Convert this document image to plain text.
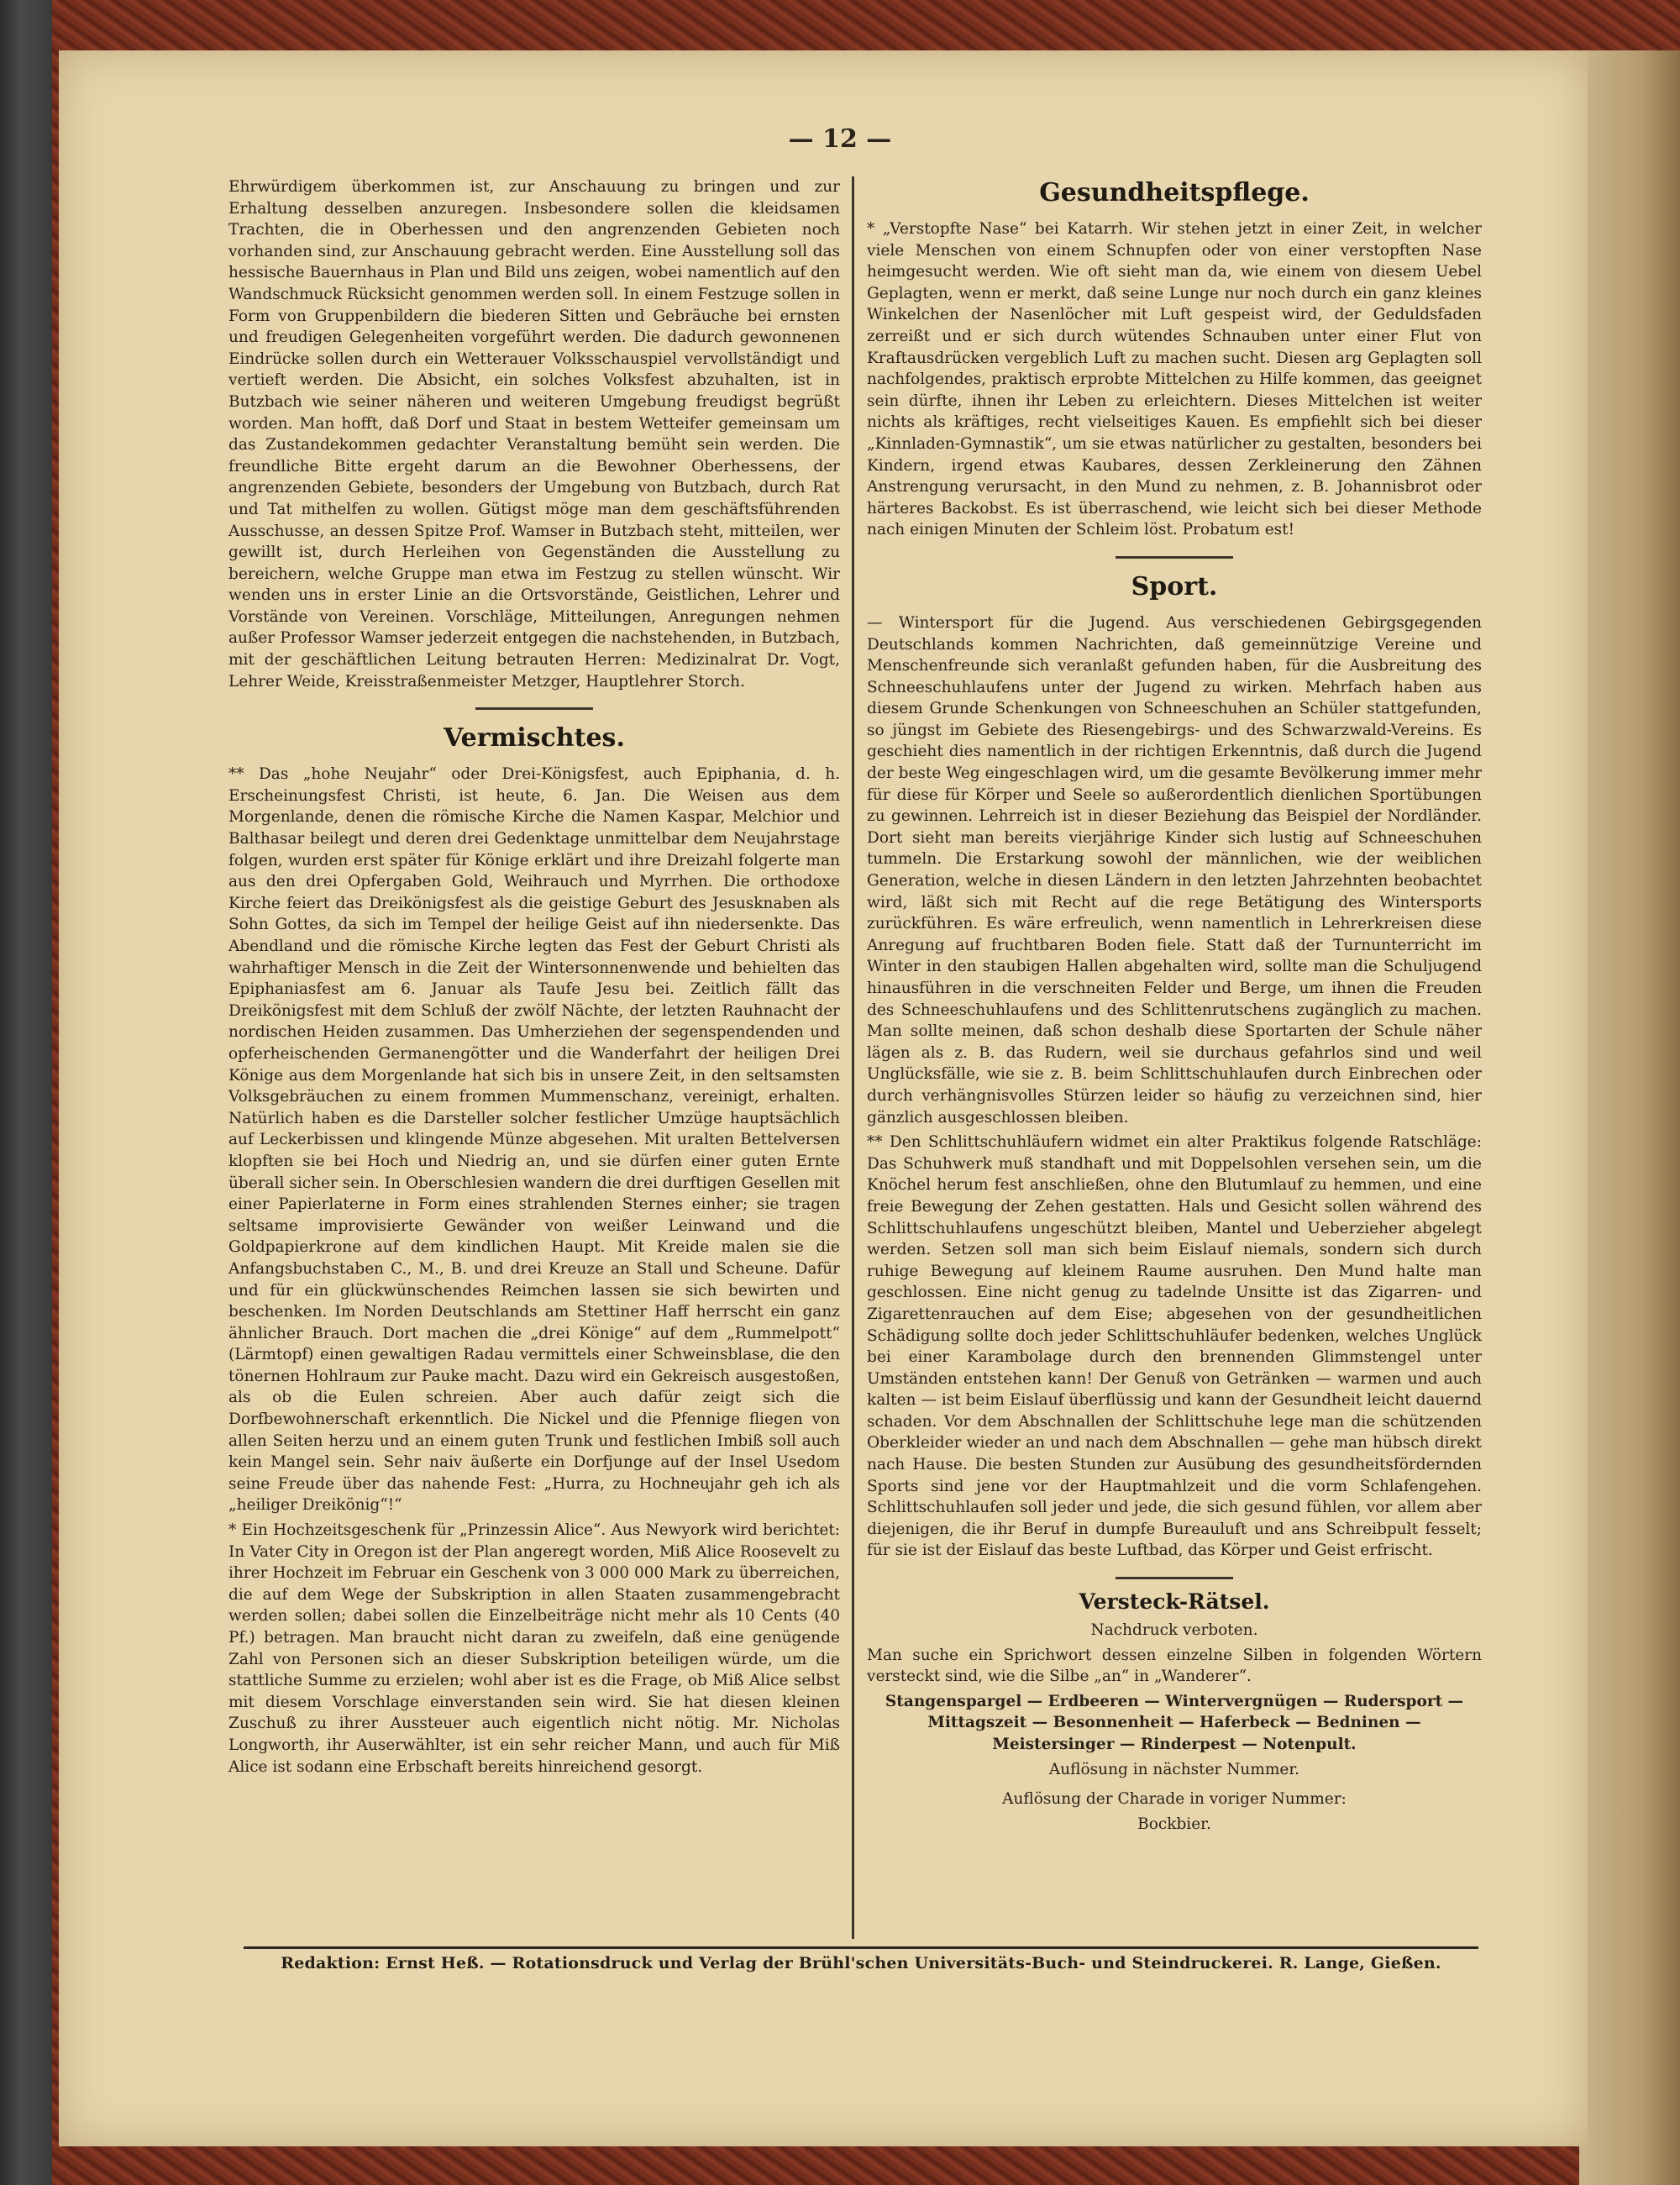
— 12 —

Ehrwürdigem überkommen ist, zur Anschauung zu bringen und zur Erhaltung desselben anzuregen. Insbesondere sollen die kleidsamen Trachten, die in Oberhessen und den angrenzenden Gebieten noch vorhanden sind, zur Anschauung gebracht werden. Eine Ausstellung soll das hessische Bauernhaus in Plan und Bild uns zeigen, wobei namentlich auf den Wandschmuck Rücksicht genommen werden soll. In einem Festzuge sollen in Form von Gruppenbildern die biederen Sitten und Gebräuche bei ernsten und freudigen Gelegenheiten vorgeführt werden. Die dadurch gewonnenen Eindrücke sollen durch ein Wetterauer Volksschauspiel vervollständigt und vertieft werden. Die Absicht, ein solches Volksfest abzuhalten, ist in Butzbach wie seiner näheren und weiteren Umgebung freudigst begrüßt worden. Man hofft, daß Dorf und Staat in bestem Wetteifer gemeinsam um das Zustandekommen gedachter Veranstaltung bemüht sein werden. Die freundliche Bitte ergeht darum an die Bewohner Oberhessens, der angrenzenden Gebiete, besonders der Umgebung von Butzbach, durch Rat und Tat mithelfen zu wollen. Gütigst möge man dem geschäftsführenden Ausschusse, an dessen Spitze Prof. Wamser in Butzbach steht, mitteilen, wer gewillt ist, durch Herleihen von Gegenständen die Ausstellung zu bereichern, welche Gruppe man etwa im Festzug zu stellen wünscht. Wir wenden uns in erster Linie an die Ortsvorstände, Geistlichen, Lehrer und Vorstände von Vereinen. Vorschläge, Mitteilungen, Anregungen nehmen außer Professor Wamser jederzeit entgegen die nachstehenden, in Butzbach, mit der geschäftlichen Leitung betrauten Herren: Medizinalrat Dr. Vogt, Lehrer Weide, Kreisstraßenmeister Metzger, Hauptlehrer Storch.

Vermischtes.

** Das „hohe Neujahr“ oder Drei-Königsfest, auch Epiphania, d. h. Erscheinungsfest Christi, ist heute, 6. Jan. Die Weisen aus dem Morgenlande, denen die römische Kirche die Namen Kaspar, Melchior und Balthasar beilegt und deren drei Gedenktage unmittelbar dem Neujahrstage folgen, wurden erst später für Könige erklärt und ihre Dreizahl folgerte man aus den drei Opfergaben Gold, Weihrauch und Myrrhen. Die orthodoxe Kirche feiert das Dreikönigsfest als die geistige Geburt des Jesusknaben als Sohn Gottes, da sich im Tempel der heilige Geist auf ihn niedersenkte. Das Abendland und die römische Kirche legten das Fest der Geburt Christi als wahrhaftiger Mensch in die Zeit der Wintersonnenwende und behielten das Epiphaniasfest am 6. Januar als Taufe Jesu bei. Zeitlich fällt das Dreikönigsfest mit dem Schluß der zwölf Nächte, der letzten Rauhnacht der nordischen Heiden zusammen. Das Umherziehen der segenspendenden und opferheischenden Germanengötter und die Wanderfahrt der heiligen Drei Könige aus dem Morgenlande hat sich bis in unsere Zeit, in den seltsamsten Volksgebräuchen zu einem frommen Mummenschanz, vereinigt, erhalten. Natürlich haben es die Darsteller solcher festlicher Umzüge hauptsächlich auf Leckerbissen und klingende Münze abgesehen. Mit uralten Bettelversen klopften sie bei Hoch und Niedrig an, und sie dürfen einer guten Ernte überall sicher sein. In Oberschlesien wandern die drei durftigen Gesellen mit einer Papierlaterne in Form eines strahlenden Sternes einher; sie tragen seltsame improvisierte Gewänder von weißer Leinwand und die Goldpapierkrone auf dem kindlichen Haupt. Mit Kreide malen sie die Anfangsbuchstaben C., M., B. und drei Kreuze an Stall und Scheune. Dafür und für ein glückwünschendes Reimchen lassen sie sich bewirten und beschenken. Im Norden Deutschlands am Stettiner Haff herrscht ein ganz ähnlicher Brauch. Dort machen die „drei Könige“ auf dem „Rummelpott“ (Lärmtopf) einen gewaltigen Radau vermittels einer Schweinsblase, die den tönernen Hohlraum zur Pauke macht. Dazu wird ein Gekreisch ausgestoßen, als ob die Eulen schreien. Aber auch dafür zeigt sich die Dorfbewohnerschaft erkenntlich. Die Nickel und die Pfennige fliegen von allen Seiten herzu und an einem guten Trunk und festlichen Imbiß soll auch kein Mangel sein. Sehr naiv äußerte ein Dorfjunge auf der Insel Usedom seine Freude über das nahende Fest: „Hurra, zu Hochneujahr geh ich als „heiliger Dreikönig“!“

* Ein Hochzeitsgeschenk für „Prinzessin Alice“. Aus Newyork wird berichtet: In Vater City in Oregon ist der Plan angeregt worden, Miß Alice Roosevelt zu ihrer Hochzeit im Februar ein Geschenk von 3 000 000 Mark zu überreichen, die auf dem Wege der Subskription in allen Staaten zusammengebracht werden sollen; dabei sollen die Einzelbeiträge nicht mehr als 10 Cents (40 Pf.) betragen. Man braucht nicht daran zu zweifeln, daß eine genügende Zahl von Personen sich an dieser Subskription beteiligen würde, um die stattliche Summe zu erzielen; wohl aber ist es die Frage, ob Miß Alice selbst mit diesem Vorschlage einverstanden sein wird. Sie hat diesen kleinen Zuschuß zu ihrer Aussteuer auch eigentlich nicht nötig. Mr. Nicholas Longworth, ihr Auserwählter, ist ein sehr reicher Mann, und auch für Miß Alice ist sodann eine Erbschaft bereits hinreichend gesorgt.

Gesundheitspflege.

* „Verstopfte Nase“ bei Katarrh. Wir stehen jetzt in einer Zeit, in welcher viele Menschen von einem Schnupfen oder von einer verstopften Nase heimgesucht werden. Wie oft sieht man da, wie einem von diesem Uebel Geplagten, wenn er merkt, daß seine Lunge nur noch durch ein ganz kleines Winkelchen der Nasenlöcher mit Luft gespeist wird, der Geduldsfaden zerreißt und er sich durch wütendes Schnauben unter einer Flut von Kraftausdrücken vergeblich Luft zu machen sucht. Diesen arg Geplagten soll nachfolgendes, praktisch erprobte Mittelchen zu Hilfe kommen, das geeignet sein dürfte, ihnen ihr Leben zu erleichtern. Dieses Mittelchen ist weiter nichts als kräftiges, recht vielseitiges Kauen. Es empfiehlt sich bei dieser „Kinnladen-Gymnastik“, um sie etwas natürlicher zu gestalten, besonders bei Kindern, irgend etwas Kaubares, dessen Zerkleinerung den Zähnen Anstrengung verursacht, in den Mund zu nehmen, z. B. Johannisbrot oder härteres Backobst. Es ist überraschend, wie leicht sich bei dieser Methode nach einigen Minuten der Schleim löst. Probatum est!

Sport.

— Wintersport für die Jugend. Aus verschiedenen Gebirgsgegenden Deutschlands kommen Nachrichten, daß gemeinnützige Vereine und Menschenfreunde sich veranlaßt gefunden haben, für die Ausbreitung des Schneeschuhlaufens unter der Jugend zu wirken. Mehrfach haben aus diesem Grunde Schenkungen von Schneeschuhen an Schüler stattgefunden, so jüngst im Gebiete des Riesengebirgs- und des Schwarzwald-Vereins. Es geschieht dies namentlich in der richtigen Erkenntnis, daß durch die Jugend der beste Weg eingeschlagen wird, um die gesamte Bevölkerung immer mehr für diese für Körper und Seele so außerordentlich dienlichen Sportübungen zu gewinnen. Lehrreich ist in dieser Beziehung das Beispiel der Nordländer. Dort sieht man bereits vierjährige Kinder sich lustig auf Schneeschuhen tummeln. Die Erstarkung sowohl der männlichen, wie der weiblichen Generation, welche in diesen Ländern in den letzten Jahrzehnten beobachtet wird, läßt sich mit Recht auf die rege Betätigung des Wintersports zurückführen. Es wäre erfreulich, wenn namentlich in Lehrerkreisen diese Anregung auf fruchtbaren Boden fiele. Statt daß der Turnunterricht im Winter in den staubigen Hallen abgehalten wird, sollte man die Schuljugend hinausführen in die verschneiten Felder und Berge, um ihnen die Freuden des Schneeschuhlaufens und des Schlittenrutschens zugänglich zu machen. Man sollte meinen, daß schon deshalb diese Sportarten der Schule näher lägen als z. B. das Rudern, weil sie durchaus gefahrlos sind und weil Unglücksfälle, wie sie z. B. beim Schlittschuhlaufen durch Einbrechen oder durch verhängnisvolles Stürzen leider so häufig zu verzeichnen sind, hier gänzlich ausgeschlossen bleiben.

** Den Schlittschuhläufern widmet ein alter Praktikus folgende Ratschläge: Das Schuhwerk muß standhaft und mit Doppelsohlen versehen sein, um die Knöchel herum fest anschließen, ohne den Blutumlauf zu hemmen, und eine freie Bewegung der Zehen gestatten. Hals und Gesicht sollen während des Schlittschuhlaufens ungeschützt bleiben, Mantel und Ueberzieher abgelegt werden. Setzen soll man sich beim Eislauf niemals, sondern sich durch ruhige Bewegung auf kleinem Raume ausruhen. Den Mund halte man geschlossen. Eine nicht genug zu tadelnde Unsitte ist das Zigarren- und Zigarettenrauchen auf dem Eise; abgesehen von der gesundheitlichen Schädigung sollte doch jeder Schlittschuhläufer bedenken, welches Unglück bei einer Karambolage durch den brennenden Glimmstengel unter Umständen entstehen kann! Der Genuß von Getränken — warmen und auch kalten — ist beim Eislauf überflüssig und kann der Gesundheit leicht dauernd schaden. Vor dem Abschnallen der Schlittschuhe lege man die schützenden Oberkleider wieder an und nach dem Abschnallen — gehe man hübsch direkt nach Hause. Die besten Stunden zur Ausübung des gesundheitsfördernden Sports sind jene vor der Hauptmahlzeit und die vorm Schlafengehen. Schlittschuhlaufen soll jeder und jede, die sich gesund fühlen, vor allem aber diejenigen, die ihr Beruf in dumpfe Bureauluft und ans Schreibpult fesselt; für sie ist der Eislauf das beste Luftbad, das Körper und Geist erfrischt.

Versteck-Rätsel.

Nachdruck verboten.

Man suche ein Sprichwort dessen einzelne Silben in folgenden Wörtern versteckt sind, wie die Silbe „an“ in „Wanderer“.

Stangenspargel — Erdbeeren — Wintervergnügen — Rudersport — Mittagszeit — Besonnenheit — Haferbeck — Bedninen — Meistersinger — Rinderpest — Notenpult.

Auflösung in nächster Nummer.

Auflösung der Charade in voriger Nummer:

Bockbier.

Redaktion: Ernst Heß. — Rotationsdruck und Verlag der Brühl'schen Universitäts-Buch- und Steindruckerei. R. Lange, Gießen.
